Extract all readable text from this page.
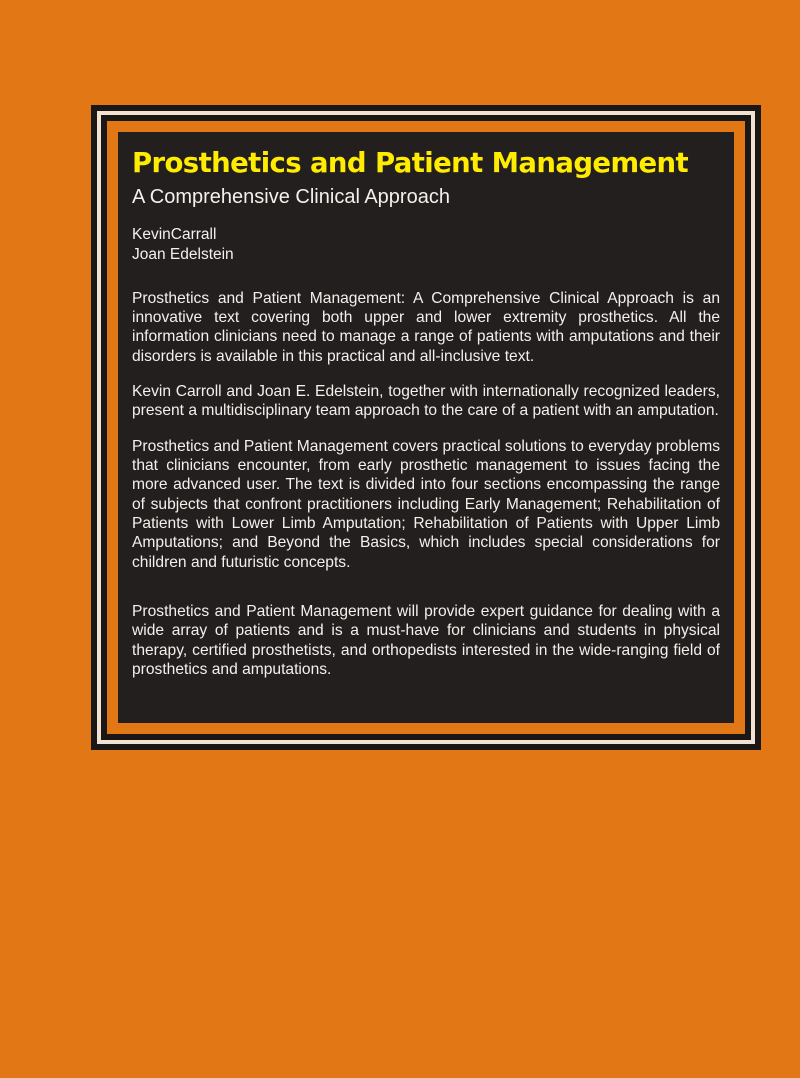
Prosthetics and Patient Management
A Comprehensive Clinical Approach
KevinCarrall
Joan Edelstein

Prosthetics and Patient Management: A Comprehensive Clinical Approach is an innovative text covering both upper and lower extremity prosthetics. All the information clinicians need to manage a range of patients with amputations and their disorders is available in this practical and all-inclusive text.

Kevin Carroll and Joan E. Edelstein, together with internationally recognized leaders, present a multidisciplinary team approach to the care of a patient with an amputation.

Prosthetics and Patient Management covers practical solutions to everyday problems that clinicians encounter, from early prosthetic management to issues facing the more advanced user. The text is divided into four sections encompassing the range of subjects that confront practitioners including Early Management; Rehabilitation of Patients with Lower Limb Amputation; Rehabilitation of Patients with Upper Limb Amputations; and Beyond the Basics, which includes special considerations for children and futuristic concepts.

Prosthetics and Patient Management will provide expert guidance for dealing with a wide array of patients and is a must-have for clinicians and students in physical therapy, certified prosthetists, and orthopedists interested in the wide-ranging field of prosthetics and amputations.
